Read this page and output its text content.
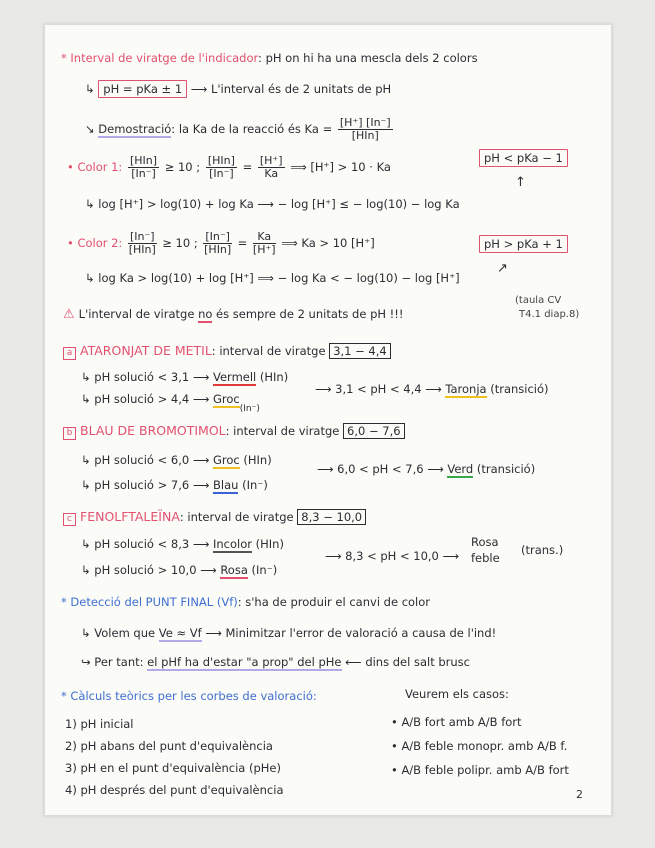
* Interval de viratge de l'indicador: pH on hi ha una mescla dels 2 colors
↳ pH = pKa ± 1 ⟶ L'interval és de 2 unitats de pH
↘ Demostració: la Ka de la reacció és $Ka = \frac{[H^+] [In^-]}{\text{[HIn]}}$
• Color 1: $\frac{\text{[HIn]}}{[In^-]} \ge 10$ ; $\frac{\text{[HIn]}}{[In^-]} = \frac{[H^+]}{Ka}$ ⟹ [H⁺] > 10 · Ka
pH < pKa − 1
↑
↳ log [H⁺] > log(10) + log Ka ⟶ − log [H⁺] ≤ − log(10) − log Ka
• Color 2: $\frac{[In^-]}{\text{[HIn]}} \ge 10$ ; $\frac{[In^-]}{\text{[HIn]}} = \frac{Ka}{[H^+]}$ ⟹ Ka > 10 [H⁺]	pH > pKa + 1
↗
↳ log Ka > log(10) + log [H⁺] ⟹ − log Ka < − log(10) − log [H⁺]
⚠ L'interval de viratge no és sempre de 2 unitats de pH !!!
(taula CV
T4.1 diap.8)
a ATARONJAT DE METIL: interval de viratge 3,1 − 4,4
↳ pH solució < 3,1 ⟶ Vermell (HIn)
↳ pH solució > 4,4 ⟶ Groc$_{(In^-)}$
⟶ 3,1 < pH < 4,4 ⟶ Taronja (transició)
b BLAU DE BROMOTIMOL: interval de viratge 6,0 − 7,6
↳ pH solució < 6,0 ⟶ Groc (HIn)
↳ pH solució > 7,6 ⟶ Blau (In⁻)
⟶ 6,0 < pH < 7,6 ⟶ Verd (transició)
c FENOLFTALEÏNA: interval de viratge 8,3 − 10,0
↳ pH solució < 8,3 ⟶ Incolor (HIn)
↳ pH solució > 10,0 ⟶ Rosa (In⁻)
⟶ 8,3 < pH < 10,0 ⟶
Rosa
feble
(trans.)
* Detecció del PUNT FINAL (Vf): s'ha de produir el canvi de color
↳ Volem que Ve ≈ Vf ⟶ Minimitzar l'error de valoració a causa de l'ind!
↪ Per tant: el pHf ha d'estar "a prop" del pHe ⟵ dins del salt brusc
* Càlculs teòrics per les corbes de valoració:	Veurem els casos:
1) pH inicial
2) pH abans del punt d'equivalència
3) pH en el punt d'equivalència (pHe)
4) pH després del punt d'equivalència
• A/B fort amb A/B fort
• A/B feble monopr. amb A/B f.
• A/B feble polipr. amb A/B fort
2
